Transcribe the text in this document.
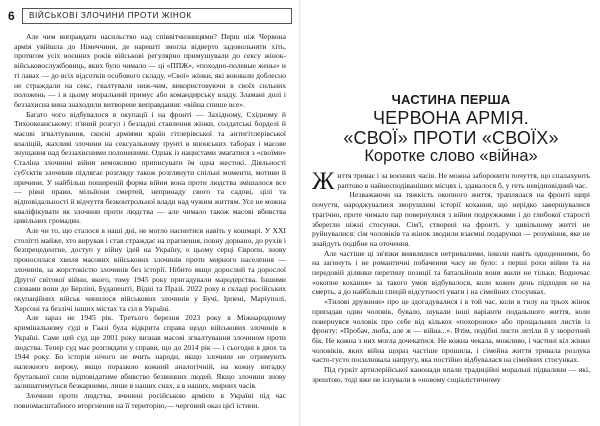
6	ВІЙСЬКОВІ ЗЛОЧИНИ ПРОТИ ЖІНОК

Але чим виправдати насильство над співвітчизницями? Перш ніж Червона армія увійшла до Німеччини, де нарешті змогла відверто задовольняти хіть, протягом усіх воєнних років військові регулярно примушували до сексу жінок-військовослужбовиць, яких було чимало — ці «ППЖ», «походно-полевые жены» и ті лавах — до всіх відсотків особового складу. «Свої» жінки, які воювали доблесно не страждали на секс, гвалтували ниж-чим, використовуючи в своїх сильних положень — і в цьому моральний примус або командирську владу. Зламані долі і беззахисна вина знаходили витворене виправдання: «війна спише все».

Багато чого відбувалося в окупації і на фронті — Західному, Східному й Тихоокеанському: п'яний розгул і безладні ставлення жінки, солдатські борделі й масові згвалтування, скоєні арміями країн гітлерівської та антигітлерівської коаліцій, жахливі злочини на сексуальному ґрунті в японських таборах і масове знущання над беззахисними полоненими. Однак із нацистами змагатися з «своїми» Сталіна злочинні війни неможливо приписувати їм одна жестокі. Діяльності суб'єктів злочинів підлягає розгляду також розглянути спільні моменти, мотиви й причини. У найбільш поширеній форма війни вона проти людства змішалося все — рівні прави, мільйони смертей, непринаду свого та садові, цілі та відповідальності й відчуття безконтрольної влади над чужим життям. Усе не можна кваліфікувати як злочини проти людства — але чимало також масові вбивства цивільних громадян.

Але чи то, що сталося в наші дні, не могло наснитися навіть у кошмарі. У XXI столітті майже, хто вирував і став страждає на прагнення, повну дорвано, до рухів і безпрецедентне, доступ у війну ідей на Україну, о цьому серці Європи, знову проносилася хвиля масових військових злочинів проти мирного населення — злочинів, за жорстокістю злочинів без історії. Нібито якщо дорослий та дорослої Другої світової війни, якого, тому 1945 року пригадували мародерства. Іншими словами вони до Берліні, Будапешті, Відні та Празі. 2022 року в складі російських окупаційних військ чинилося військових злочинів у Бучі, Ірпені, Маріуполі, Херсоні та безлічі інших містах та сіл в Україні.

Але зараз не 1945 рік. Третього березня 2023 року в Міжнародному кримінальному суді в Гаазі була відкрита справа щодо військових злочинів в Україні. Саме цей суд ще 2001 року визнав масові згвалтування злочином проти людства. Тепер суд має розглядати у справи, що до 2014 рік — і сьогодні в двох та 1944 року. Бо історія нічого не вчить народи, якщо злочини не отримують належного вироку, якщо поразкою кожний аналогічній, на кожну вигадку брутальної сили відповідатиме вбивство безвинних людей. Якщо злочини знову залишатимуться безкарними, лише в наших снах, а в наших, мирних часів.

Злочини проти людства, вчинені російською армією в Україні під час повномасштабного вторгнення на її територію,— черговий оказ цієї істини.

ЧАСТИНА ПЕРША
ЧЕРВОНА АРМІЯ.
«СВОЇ» ПРОТИ «СВОЇХ»
Коротке слово «війна»

Життя триває і за воєнних часів. Не можна заборонити почуття, що спалахують раптово в найнесподіваніших місцях і, здавалося б, у геть невідповідний час.

Незважаючи на тяжкість окопного життя, траплялася на фронті щирі почуття, народжувалися зворушливі історії кохання, що нерідко завершувалися трагічно, проте чимало пар повернулися з війни подружжями і до глибокої старості зберегли ніжні стосунки. Сім'ї, створені на фронті, у цивільному житті не руйнувалися: сім чоловіків та жінок зводили взаємні подарунки — розуміння, яке не знайдуть подібне на оточення.

Але частіше ці зв'язки виявлялися нетривалими, інколи навіть одноденними, бо на загинуть і не романтичні побачення часу не було: з перші рохи війни та на передовій ділянки перетину позиції та батальйонів вони жили не тільки. Водночас «окопне кохання» за такого умов відбувалося, коли кожен день підходив не на смерть, а до найбільш спецій відсутності уваги і на сімейних стосунках.

«Тилові дружини» про це здогадувалися і в той час, коли в тилу на трьох жінок припадав один чоловік, бувало, шукали інші варіанти подальшого життя, коли повернувся чоловік про себе від кількох «похоронок» або прощальних листів із фронту: «Пробач, люба, але ж — війна...». Втім, подібні листи летіли й у зворотний бік. Не кожна з них могла дочекатися. Не кожна чекала, можливо, і частині кіл жінки чоловіків, яких війна щораз частіше прошила, і сімейна життя тривала розлука часто-густо посилювала напругу, яка постійно відбувалася на сімейних стосунках.

Під гуркіт артилерійської канонади впали традиційні моральні підвалини — які, зрештою, тоді вже не існували в «новому соціалістичному
